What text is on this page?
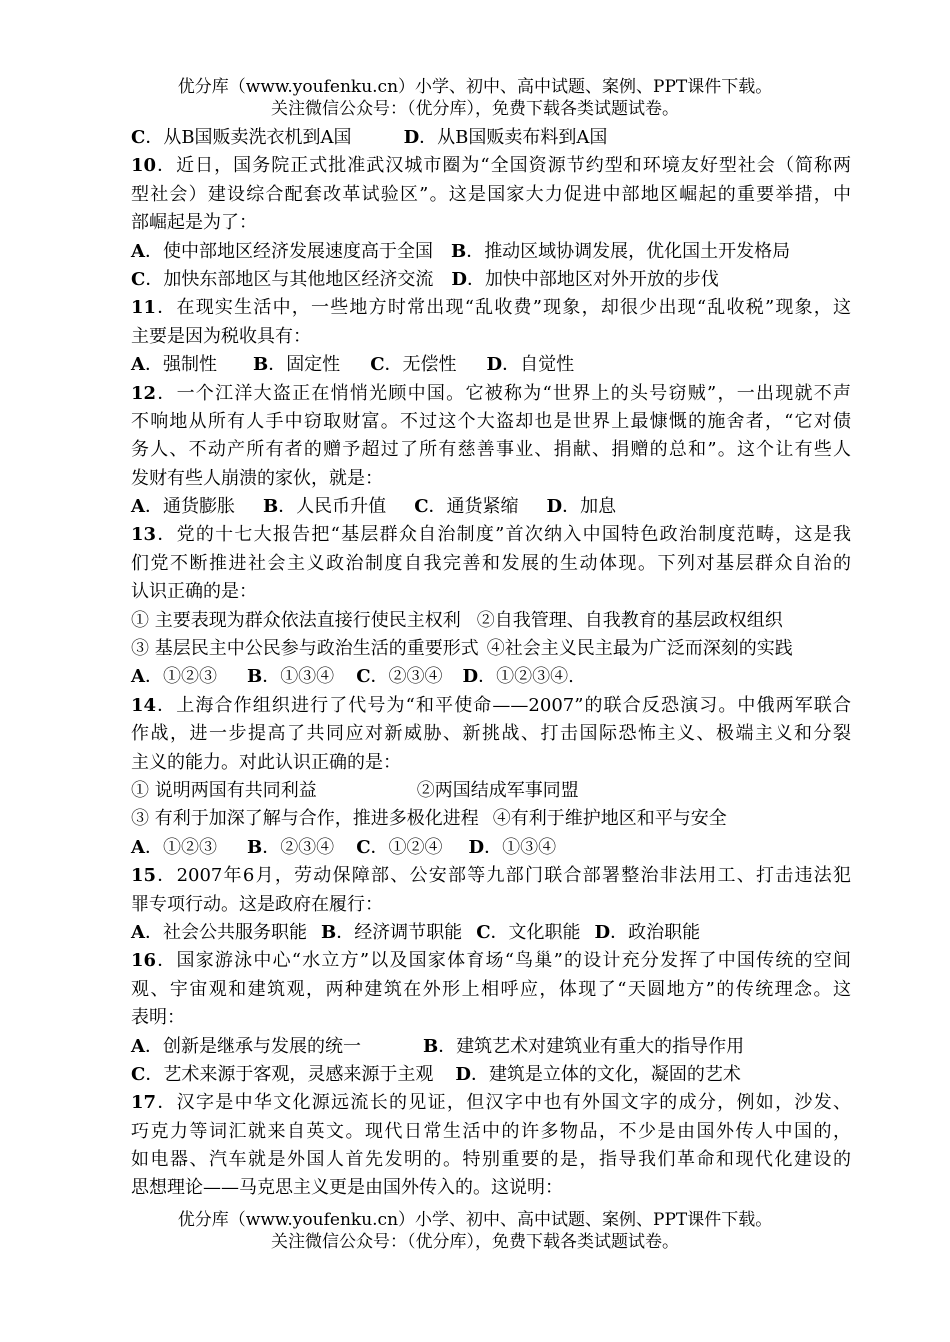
优分库（www.youfenku.cn）小学、初中、高中试题、案例、PPT课件下载。
关注微信公众号：（优分库），免费下载各类试题试卷。
C．从B国贩卖洗衣机到A国	D．从B国贩卖布料到A国
10．近日，国务院正式批准武汉城市圈为“全国资源节约型和环境友好型社会（简称两
型社会）建设综合配套改革试验区”。这是国家大力促进中部地区崛起的重要举措，中
部崛起是为了：
A．使中部地区经济发展速度高于全国 B．推动区域协调发展，优化国土开发格局
C．加快东部地区与其他地区经济交流 D．加快中部地区对外开放的步伐
11．在现实生活中，一些地方时常出现“乱收费”现象，却很少出现“乱收税”现象，这
主要是因为税收具有：
A．强制性 B．固定性 C．无偿性 D．自觉性
12．一个江洋大盗正在悄悄光顾中国。它被称为“世界上的头号窃贼”，一出现就不声
不响地从所有人手中窃取财富。不过这个大盗却也是世界上最慷慨的施舍者，“它对债
务人、不动产所有者的赠予超过了所有慈善事业、捐献、捐赠的总和”。这个让有些人
发财有些人崩溃的家伙，就是：
A．通货膨胀 B．人民币升值 C．通货紧缩 D．加息
13．党的十七大报告把“基层群众自治制度”首次纳入中国特色政治制度范畴，这是我
们党不断推进社会主义政治制度自我完善和发展的生动体现。下列对基层群众自治的
认识正确的是：
① 主要表现为群众依法直接行使民主权利 ②自我管理、自我教育的基层政权组织
③ 基层民主中公民参与政治生活的重要形式 ④社会主义民主最为广泛而深刻的实践
A．①②③ B．①③④ C．②③④ D．①②③④.
14．上海合作组织进行了代号为“和平使命——2007”的联合反恐演习。中俄两军联合
作战，进一步提高了共同应对新威胁、新挑战、打击国际恐怖主义、极端主义和分裂
主义的能力。对此认识正确的是：
① 说明两国有共同利益	②两国结成军事同盟
③ 有利于加深了解与合作，推进多极化进程 ④有利于维护地区和平与安全
A．①②③ B．②③④ C．①②④ D．①③④
15．2007年6月，劳动保障部、公安部等九部门联合部署整治非法用工、打击违法犯
罪专项行动。这是政府在履行：
A．社会公共服务职能 B．经济调节职能 C．文化职能 D．政治职能
16．国家游泳中心“水立方”以及国家体育场“鸟巢”的设计充分发挥了中国传统的空间
观、宇宙观和建筑观，两种建筑在外形上相呼应，体现了“天圆地方”的传统理念。这
表明：
A．创新是继承与发展的统一	B．建筑艺术对建筑业有重大的指导作用
C．艺术来源于客观，灵感来源于主观 D．建筑是立体的文化，凝固的艺术
17．汉字是中华文化源远流长的见证，但汉字中也有外国文字的成分，例如，沙发、
巧克力等词汇就来自英文。现代日常生活中的许多物品，不少是由国外传人中国的，
如电器、汽车就是外国人首先发明的。特别重要的是，指导我们革命和现代化建设的
思想理论——马克思主义更是由国外传入的。这说明：
优分库（www.youfenku.cn）小学、初中、高中试题、案例、PPT课件下载。
关注微信公众号：（优分库），免费下载各类试题试卷。
